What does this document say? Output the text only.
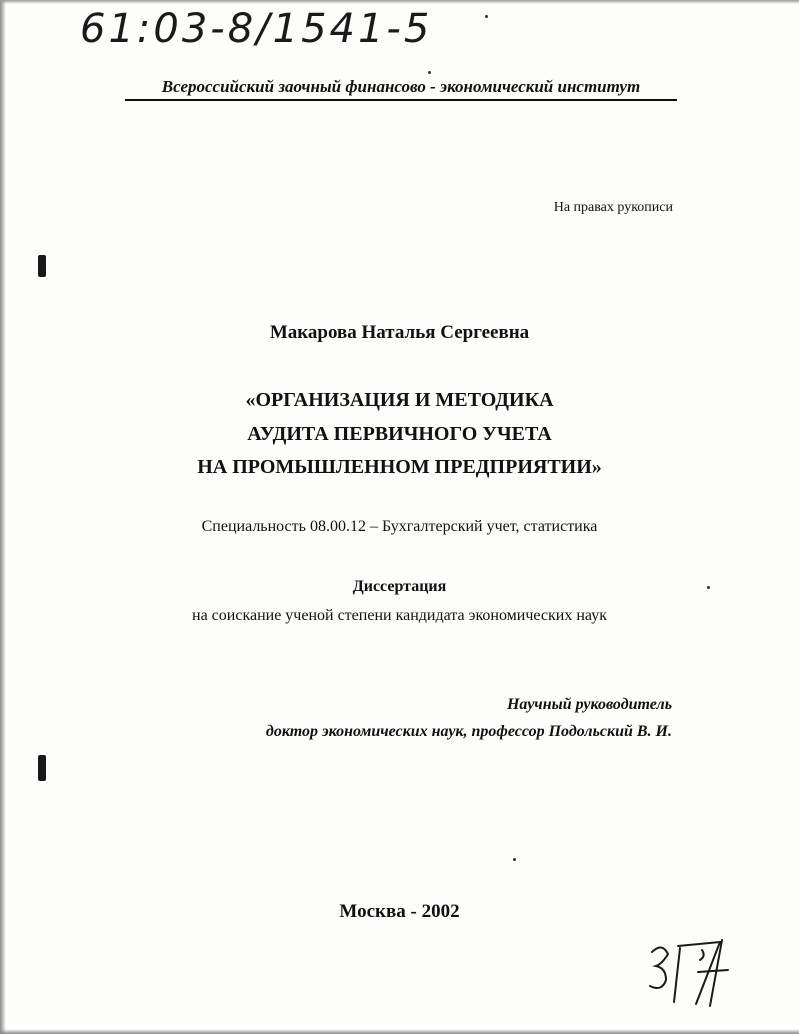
61:03-8/1541-5
Всероссийский заочный финансово - экономический институт
На правах рукописи
Макарова Наталья Сергеевна
«ОРГАНИЗАЦИЯ И МЕТОДИКА
АУДИТА ПЕРВИЧНОГО УЧЕТА
НА ПРОМЫШЛЕННОМ ПРЕДПРИЯТИИ»
Специальность 08.00.12 – Бухгалтерский учет, статистика
Диссертация
на соискание ученой степени кандидата экономических наук
Научный руководитель
доктор экономических наук, профессор Подольский В. И.
Москва - 2002
